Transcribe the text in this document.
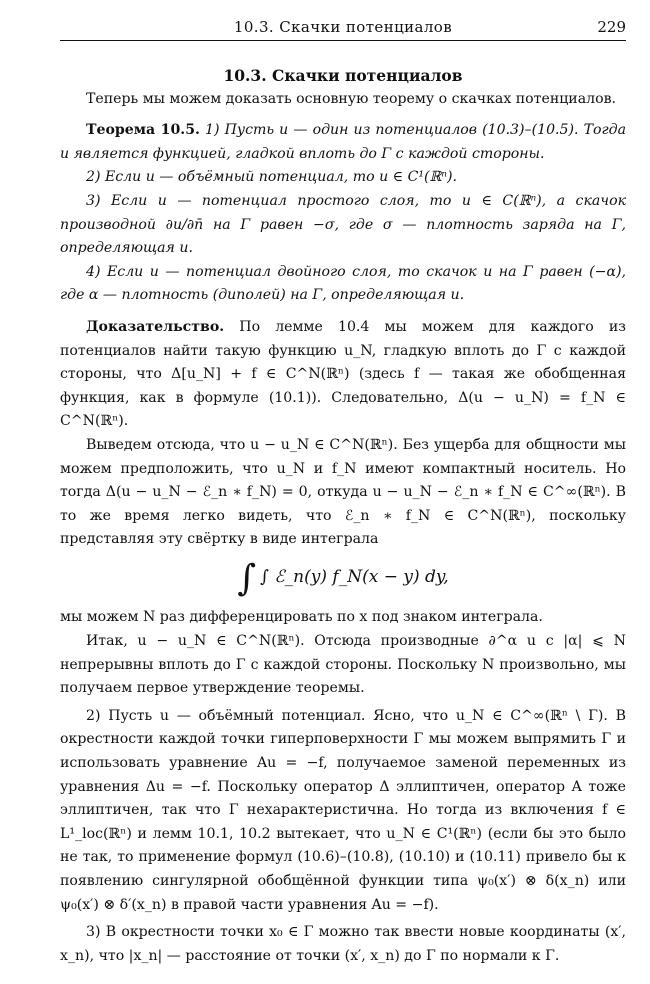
10.3. Скачки потенциалов	229

10.3. Скачки потенциалов

Теперь мы можем доказать основную теорему о скачках потенциалов.

Теорема 10.5. 1) Пусть u — один из потенциалов (10.3)–(10.5). Тогда u является функцией, гладкой вплоть до Γ с каждой стороны.

2) Если u — объёмный потенциал, то u ∈ C¹(ℝⁿ).

3) Если u — потенциал простого слоя, то u ∈ C(ℝⁿ), а скачок производной ∂u/∂n̄ на Γ равен −σ, где σ — плотность заряда на Γ, определяющая u.

4) Если u — потенциал двойного слоя, то скачок u на Γ равен (−α), где α — плотность (диполей) на Γ, определяющая u.

Доказательство. По лемме 10.4 мы можем для каждого из потенциалов найти такую функцию u_N, гладкую вплоть до Γ с каждой стороны, что Δ[u_N] + f ∈ C^N(ℝⁿ) (здесь f — такая же обобщенная функция, как в формуле (10.1)). Следовательно, Δ(u − u_N) = f_N ∈ C^N(ℝⁿ).

Выведем отсюда, что u − u_N ∈ C^N(ℝⁿ). Без ущерба для общности мы можем предположить, что u_N и f_N имеют компактный носитель. Но тогда Δ(u − u_N − ℰ_n ∗ f_N) = 0, откуда u − u_N − ℰ_n ∗ f_N ∈ C^∞(ℝⁿ). В то же время легко видеть, что ℰ_n ∗ f_N ∈ C^N(ℝⁿ), поскольку представляя эту свёртку в виде интеграла

∫ ∫ ℰ_n(y) f_N(x − y) dy,

мы можем N раз дифференцировать по x под знаком интеграла.

Итак, u − u_N ∈ C^N(ℝⁿ). Отсюда производные ∂^α u с |α| ⩽ N непрерывны вплоть до Γ с каждой стороны. Поскольку N произвольно, мы получаем первое утверждение теоремы.

2) Пусть u — объёмный потенциал. Ясно, что u_N ∈ C^∞(ℝⁿ \ Γ). В окрестности каждой точки гиперповерхности Γ мы можем выпрямить Γ и использовать уравнение Au = −f, получаемое заменой переменных из уравнения Δu = −f. Поскольку оператор Δ эллиптичен, оператор A тоже эллиптичен, так что Γ нехарактеристична. Но тогда из включения f ∈ L¹_loc(ℝⁿ) и лемм 10.1, 10.2 вытекает, что u_N ∈ C¹(ℝⁿ) (если бы это было не так, то применение формул (10.6)–(10.8), (10.10) и (10.11) привело бы к появлению сингулярной обобщённой функции типа ψ₀(x′) ⊗ δ(x_n) или ψ₀(x′) ⊗ δ′(x_n) в правой части уравнения Au = −f).

3) В окрестности точки x₀ ∈ Γ можно так ввести новые координаты (x′, x_n), что |x_n| — расстояние от точки (x′, x_n) до Γ по нормали к Γ.
